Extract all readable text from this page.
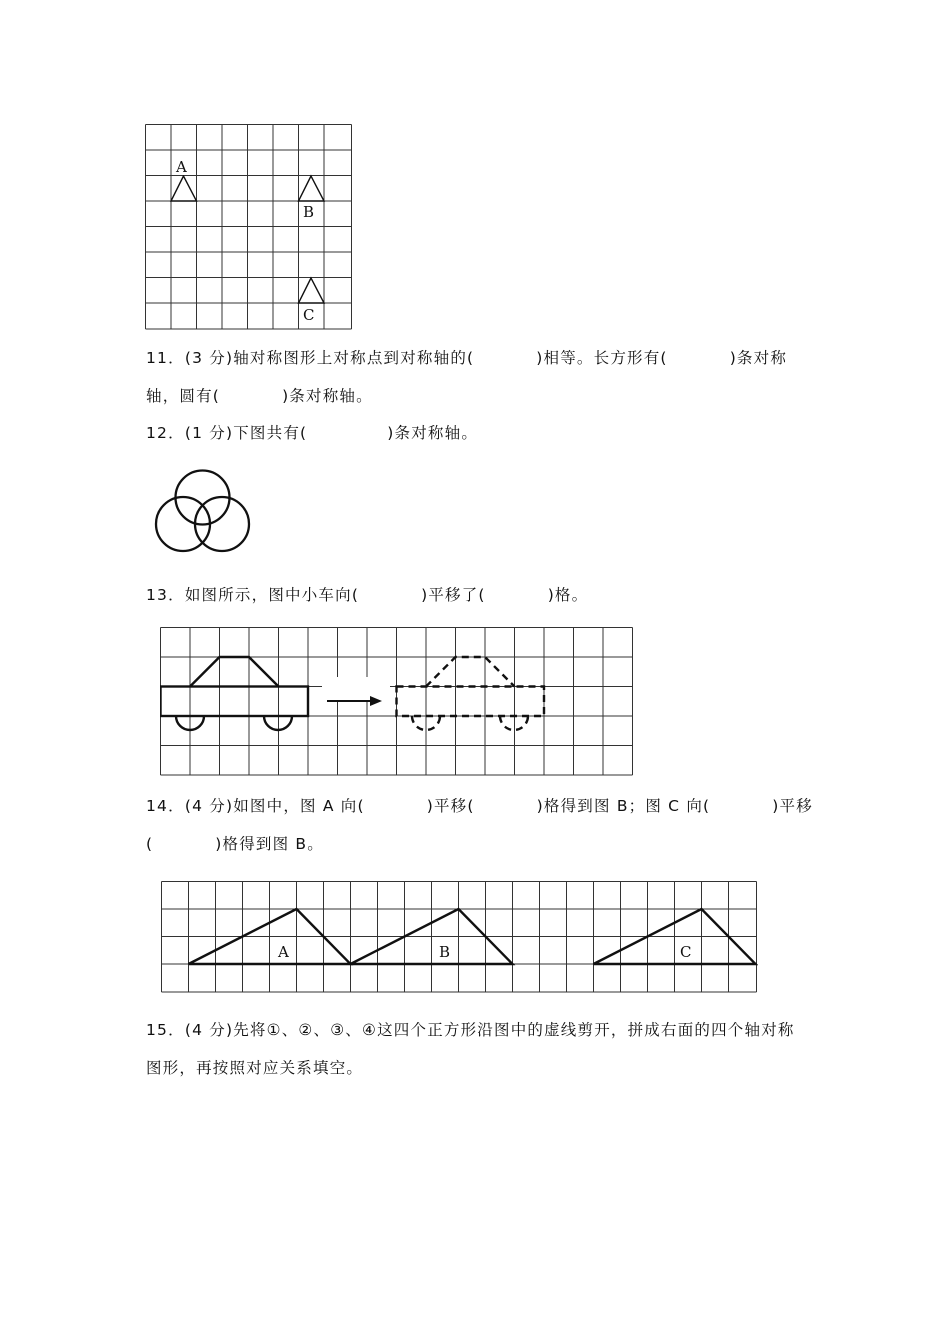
A
B
C

11．(3 分)轴对称图形上对称点到对称轴的(	)相等。长方形有(	)条对称

轴，圆有(	)条对称轴。

12．(1 分)下图共有(	)条对称轴。

13．如图所示，图中小车向(	)平移了(	)格。

14．(4 分)如图中，图 A 向(	)平移(	)格得到图 B；图 C 向(	)平移

(	)格得到图 B。

A	B	C

15．(4 分)先将①、②、③、④这四个正方形沿图中的虚线剪开，拼成右面的四个轴对称

图形，再按照对应关系填空。
